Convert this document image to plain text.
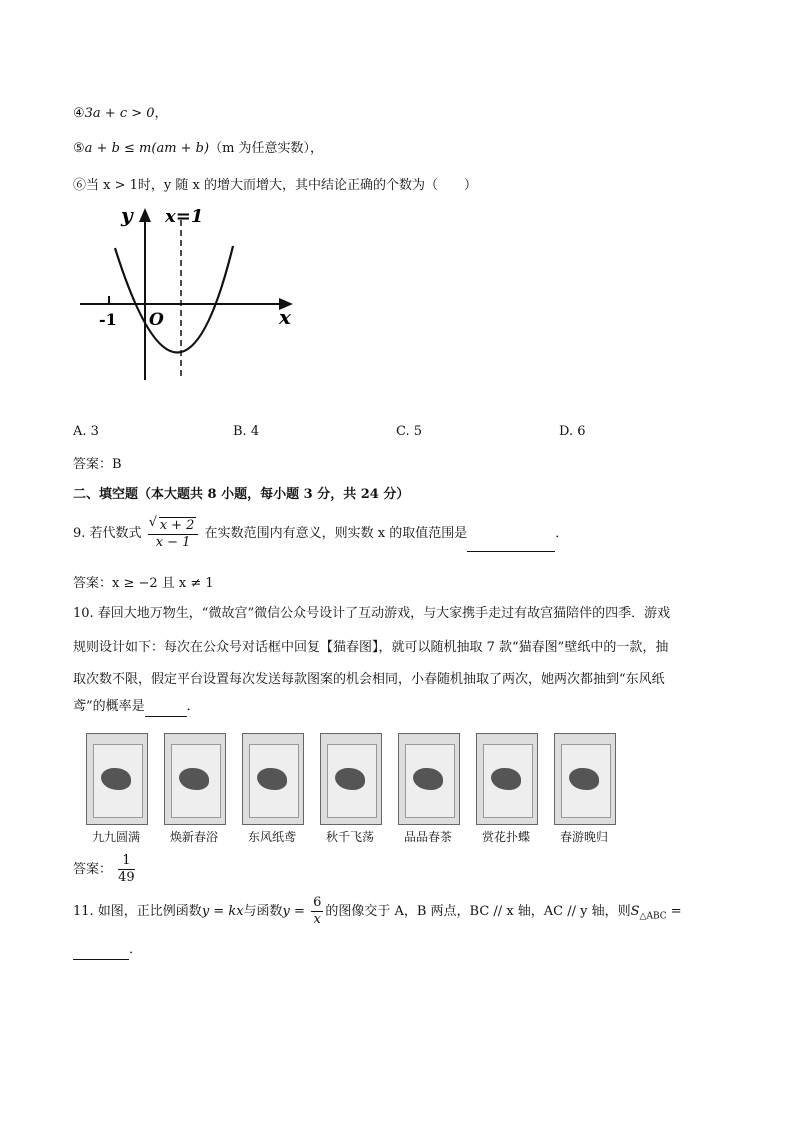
④3a + c > 0，
⑤a + b ≤ m(am + b)（m 为任意实数），
⑥当 x > 1时，y 随 x 的增大而增大，其中结论正确的个数为（　　）
y x=1
x
-1 O
A. 3	B. 4	C. 5	D. 6
答案：B
二、填空题（本大题共 8 小题，每小题 3 分，共 24 分）
9. 若代数式
√ $\frac{x + 2}{x - 1}$ 在实数范围内有意义，则实数 x 的取值范围是	．
答案：x ≥ −2 且 x ≠ 1
10. 春回大地万物生，“微故宫”微信公众号设计了互动游戏，与大家携手走过有故宫猫陪伴的四季．游戏
规则设计如下：每次在公众号对话框中回复【猫春图】，就可以随机抽取 7 款“猫春图”壁纸中的一款，抽
取次数不限，假定平台设置每次发送每款图案的机会相同，小春随机抽取了两次，她两次都抽到“东风纸
鸢”的概率是	．
九九圆满	焕新春浴	东风纸鸢	秋千飞荡	品品春茶	赏花扑蝶	春游晚归
答案： $\frac{1}{49}$
11. 如图，正比例函数y = kx与函数$y = \frac{6}{x}$ 的图像交于 A，B 两点，BC // x 轴，AC // y 轴，则$S_{\triangle ABC}$ =
．
